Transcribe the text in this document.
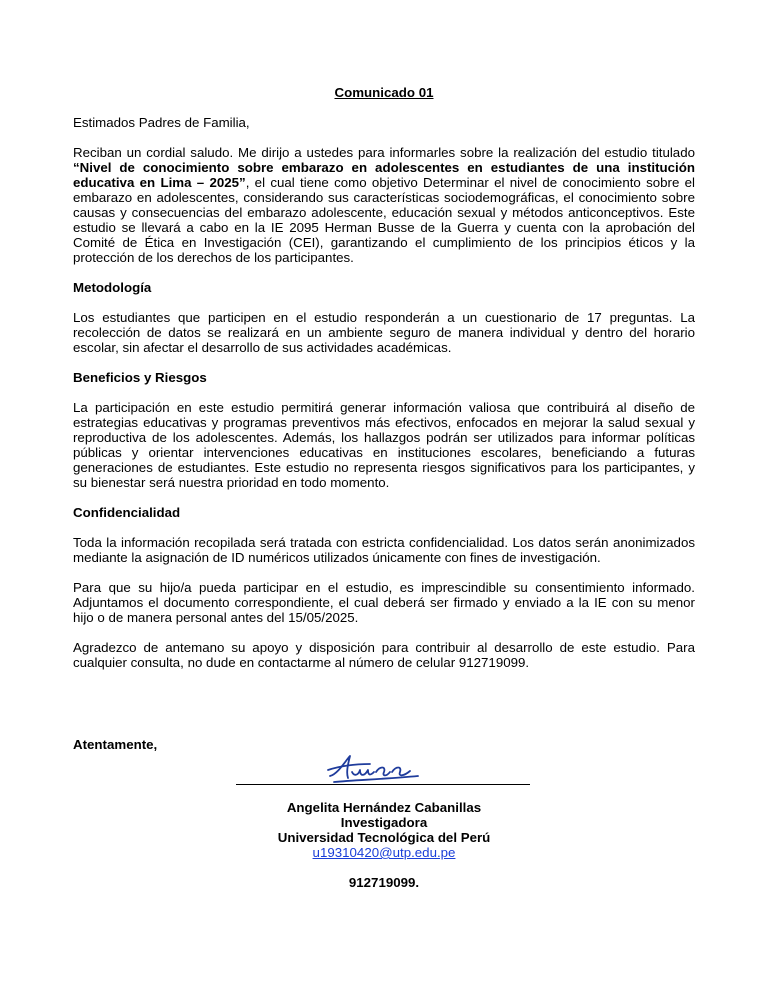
Comunicado 01

Estimados Padres de Familia,

Reciban un cordial saludo. Me dirijo a ustedes para informarles sobre la realización del estudio titulado “Nivel de conocimiento sobre embarazo en adolescentes en estudiantes de una institución educativa en Lima – 2025”, el cual tiene como objetivo Determinar el nivel de conocimiento sobre el embarazo en adolescentes, considerando sus características sociodemográficas, el conocimiento sobre causas y consecuencias del embarazo adolescente, educación sexual y métodos anticonceptivos. Este estudio se llevará a cabo en la IE 2095 Herman Busse de la Guerra y cuenta con la aprobación del Comité de Ética en Investigación (CEI), garantizando el cumplimiento de los principios éticos y la protección de los derechos de los participantes.

Metodología

Los estudiantes que participen en el estudio responderán a un cuestionario de 17 preguntas. La recolección de datos se realizará en un ambiente seguro de manera individual y dentro del horario escolar, sin afectar el desarrollo de sus actividades académicas.

Beneficios y Riesgos

La participación en este estudio permitirá generar información valiosa que contribuirá al diseño de estrategias educativas y programas preventivos más efectivos, enfocados en mejorar la salud sexual y reproductiva de los adolescentes. Además, los hallazgos podrán ser utilizados para informar políticas públicas y orientar intervenciones educativas en instituciones escolares, beneficiando a futuras generaciones de estudiantes. Este estudio no representa riesgos significativos para los participantes, y su bienestar será nuestra prioridad en todo momento.

Confidencialidad

Toda la información recopilada será tratada con estricta confidencialidad. Los datos serán anonimizados mediante la asignación de ID numéricos utilizados únicamente con fines de investigación.

Para que su hijo/a pueda participar en el estudio, es imprescindible su consentimiento informado. Adjuntamos el documento correspondiente, el cual deberá ser firmado y enviado a la IE con su menor hijo o de manera personal antes del 15/05/2025.

Agradezco de antemano su apoyo y disposición para contribuir al desarrollo de este estudio. Para cualquier consulta, no dude en contactarme al número de celular 912719099.

Atentamente,
Angelita Hernández Cabanillas
Investigadora
Universidad Tecnológica del Perú
u19310420@utp.edu.pe
912719099.
